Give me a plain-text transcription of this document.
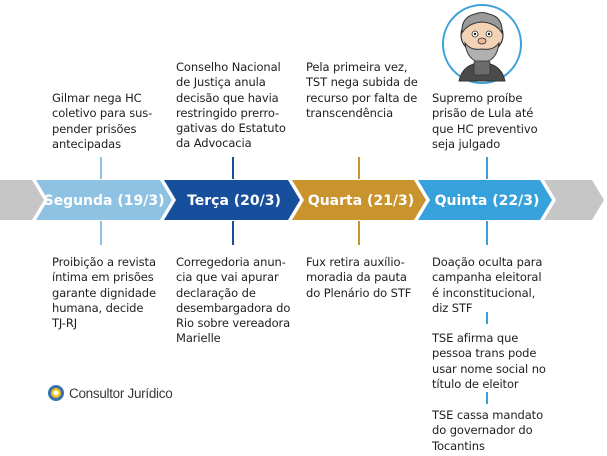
Gilmar nega HC
coletivo para sus-
pender prisões
antecipadas
Conselho Nacional
de Justiça anula
decisão que havia
restringido prerro-
gativas do Estatuto
da Advocacia
Pela primeira vez,
TST nega subida de
recurso por falta de
transcendência
Supremo proíbe
prisão de Lula até
que HC preventivo
seja julgado
Segunda (19/3) Terça (20/3) Quarta (21/3) Quinta (22/3)
Proibição a revista
íntima em prisões
garante dignidade
humana, decide
TJ-RJ
Corregedoria anun-
cia que vai apurar
declaração de
desembargadora do
Rio sobre vereadora
Marielle
Fux retira auxílio-
moradia da pauta
do Plenário do STF
Doação oculta para
campanha eleitoral
é inconstitucional,
diz STF
TSE afirma que
pessoa trans pode
usar nome social no
título de eleitor
TSE cassa mandato
do governador do
Tocantins
Consultor Jurídico
